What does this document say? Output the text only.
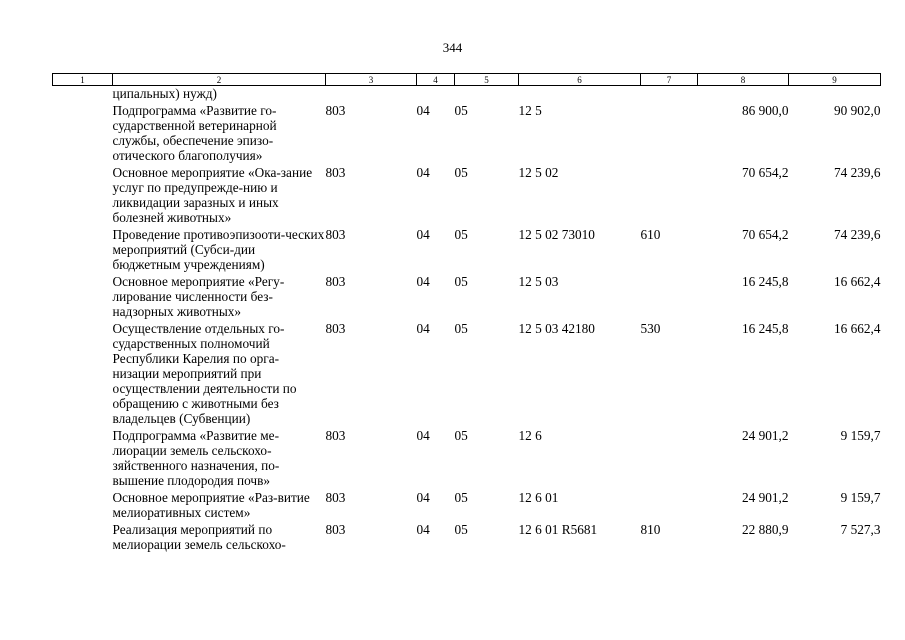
344
1	2	3	4	5	6	7	8	9
	ципальных) нужд)							
	Подпрограмма «Развитие го-сударственной ветеринарной службы, обеспечение эпизо-отического благополучия»	803	04	05	12 5		86 900,0	90 902,0
	Основное мероприятие «Ока-зание услуг по предупрежде-нию и ликвидации заразных и иных болезней животных»	803	04	05	12 5 02		70 654,2	74 239,6
	Проведение противоэпизооти-ческих мероприятий (Субси-дии бюджетным учреждениям)	803	04	05	12 5 02 73010	610	70 654,2	74 239,6
	Основное мероприятие «Регу-лирование численности без-надзорных животных»	803	04	05	12 5 03		16 245,8	16 662,4
	Осуществление отдельных го-сударственных полномочий Республики Карелия по орга-низации мероприятий при осуществлении деятельности по обращению с животными без владельцев (Субвенции)	803	04	05	12 5 03 42180	530	16 245,8	16 662,4
	Подпрограмма «Развитие ме-лиорации земель сельскохо-зяйственного назначения, по-вышение плодородия почв»	803	04	05	12 6		24 901,2	9 159,7
	Основное мероприятие «Раз-витие мелиоративных систем»	803	04	05	12 6 01		24 901,2	9 159,7
	Реализация мероприятий по мелиорации земель сельскохо-	803	04	05	12 6 01 R5681	810	22 880,9	7 527,3
